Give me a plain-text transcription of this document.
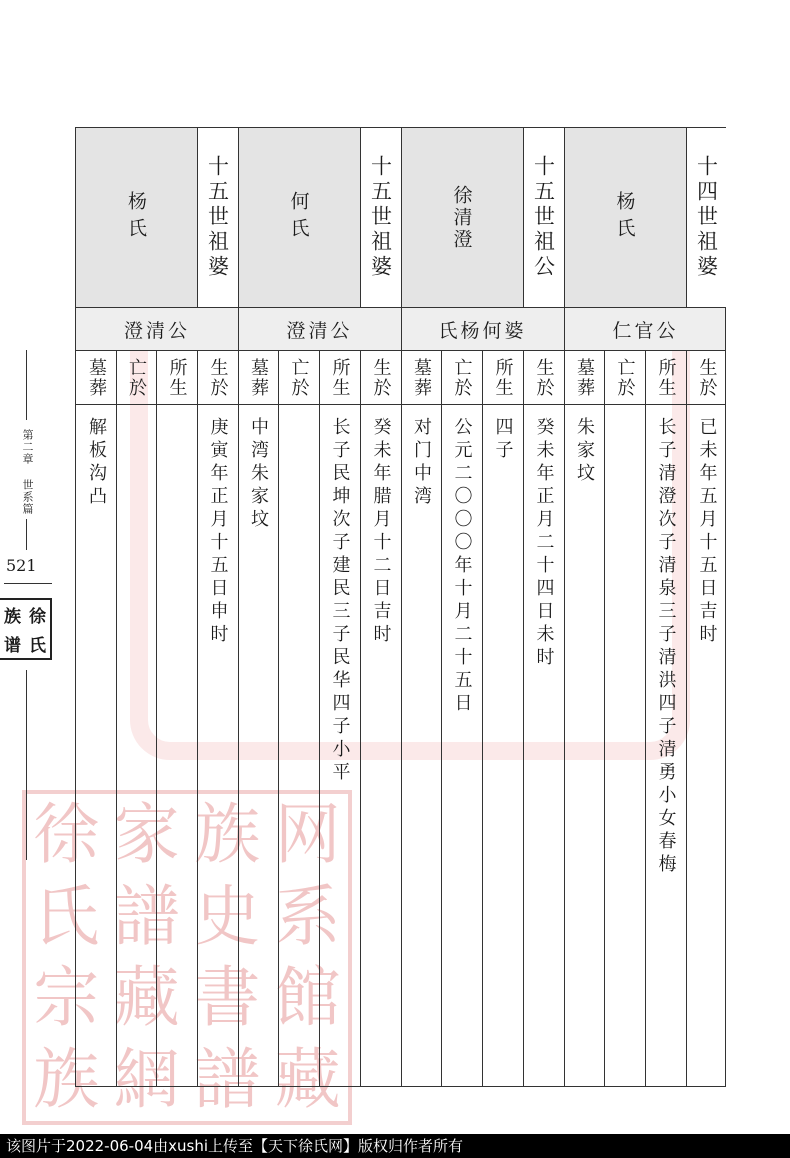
徐 家 族 网
氏 譜 史 系
宗 藏 書 館
族 網 譜 藏
第二章 世系篇
521
族 徐
谱 氏
十四世祖婆
杨氏
十五世祖公
徐清澄
十五世祖婆
何氏
十五世祖婆
杨氏
仁官公
氏杨何婆
澄清公
澄清公
生於
所生
亡於
墓葬
生於
所生
亡於
墓葬
生於
所生
亡於
墓葬
生於
所生
亡於
墓葬
已未年五月十五日吉时
长子清澄次子清泉三子清洪四子清勇小女春梅
朱家坟
癸未年正月二十四日未时
四子
公元二〇〇〇年十月二十五日
对门中湾
癸未年腊月十二日吉时
长子民坤次子建民三子民华四子小平
中湾朱家坟
庚寅年正月十五日申时
解板沟凸
该图片于2022-06-04由xushi上传至【天下徐氏网】版权归作者所有
